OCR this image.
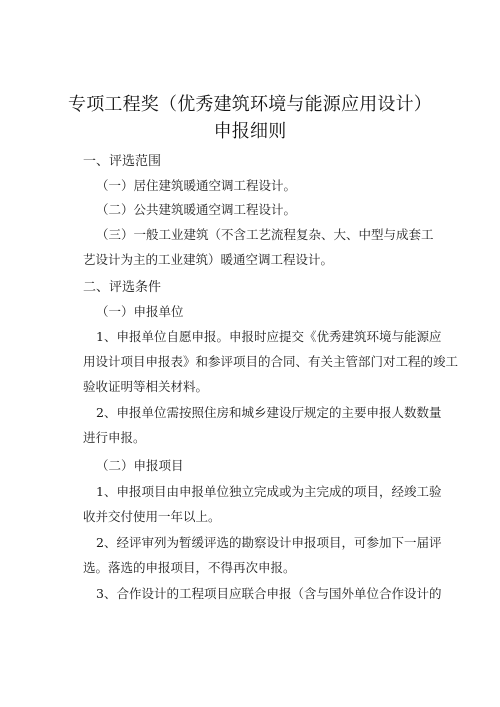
专项工程奖（优秀建筑环境与能源应用设计）
申报细则
一、评选范围
（一）居住建筑暖通空调工程设计。
（二）公共建筑暖通空调工程设计。
（三）一般工业建筑（不含工艺流程复杂、大、中型与成套工
艺设计为主的工业建筑）暖通空调工程设计。
二、评选条件
（一）申报单位
1、申报单位自愿申报。申报时应提交《优秀建筑环境与能源应
用设计项目申报表》和参评项目的合同、有关主管部门对工程的竣工
验收证明等相关材料。
2、申报单位需按照住房和城乡建设厅规定的主要申报人数数量
进行申报。
（二）申报项目
1、申报项目由申报单位独立完成或为主完成的项目，经竣工验
收并交付使用一年以上。
2、经评审列为暂缓评选的勘察设计申报项目，可参加下一届评
选。落选的申报项目，不得再次申报。
3、合作设计的工程项目应联合申报（含与国外单位合作设计的
